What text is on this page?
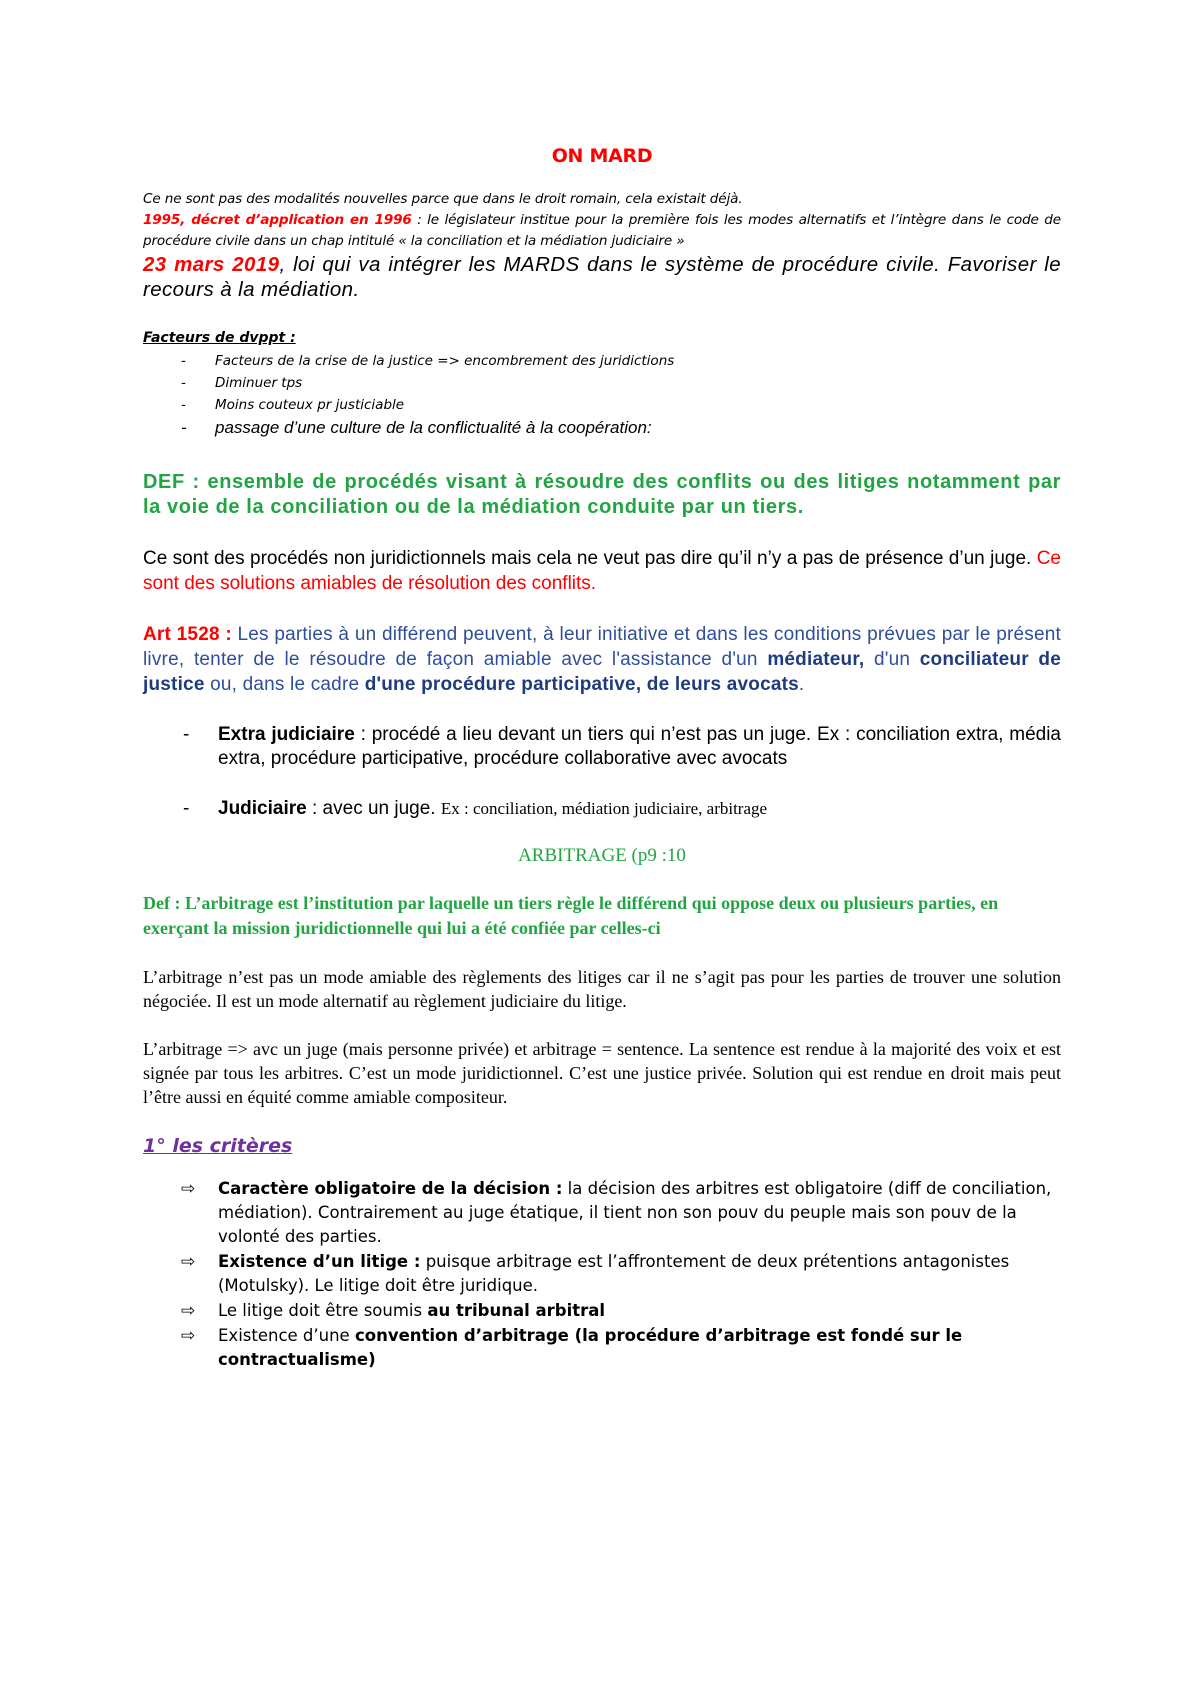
ON MARD

Ce ne sont pas des modalités nouvelles parce que dans le droit romain, cela existait déjà.

1995, décret d’application en 1996 : le législateur institue pour la première fois les modes alternatifs et l’intègre dans le code de procédure civile dans un chap intitulé « la conciliation et la médiation judiciaire »

23 mars 2019, loi qui va intégrer les MARDS dans le système de procédure civile. Favoriser le recours à la médiation.

Facteurs de dvppt :

- Facteurs de la crise de la justice => encombrement des juridictions
- Diminuer tps
- Moins couteux pr justiciable
- passage d’une culture de la conflictualité à la coopération:

DEF : ensemble de procédés visant à résoudre des conflits ou des litiges notamment par la voie de la conciliation ou de la médiation conduite par un tiers.

Ce sont des procédés non juridictionnels mais cela ne veut pas dire qu’il n’y a pas de présence d’un juge. Ce sont des solutions amiables de résolution des conflits.

Art 1528 : Les parties à un différend peuvent, à leur initiative et dans les conditions prévues par le présent livre, tenter de le résoudre de façon amiable avec l'assistance d'un médiateur, d'un conciliateur de justice ou, dans le cadre d'une procédure participative, de leurs avocats.

- Extra judiciaire : procédé a lieu devant un tiers qui n’est pas un juge. Ex : conciliation extra, média extra, procédure participative, procédure collaborative avec avocats
- Judiciaire : avec un juge. Ex : conciliation, médiation judiciaire, arbitrage

ARBITRAGE (p9 :10

Def : L’arbitrage est l’institution par laquelle un tiers règle le différend qui oppose deux ou plusieurs parties, en exerçant la mission juridictionnelle qui lui a été confiée par celles-ci

L’arbitrage n’est pas un mode amiable des règlements des litiges car il ne s’agit pas pour les parties de trouver une solution négociée. Il est un mode alternatif au règlement judiciaire du litige.

L’arbitrage => avc un juge (mais personne privée) et arbitrage = sentence. La sentence est rendue à la majorité des voix et est signée par tous les arbitres. C’est un mode juridictionnel. C’est une justice privée. Solution qui est rendue en droit mais peut l’être aussi en équité comme amiable compositeur.

1° les critères

⇨ Caractère obligatoire de la décision : la décision des arbitres est obligatoire (diff de conciliation, médiation). Contrairement au juge étatique, il tient non son pouv du peuple mais son pouv de la volonté des parties.
⇨ Existence d’un litige : puisque arbitrage est l’affrontement de deux prétentions antagonistes (Motulsky). Le litige doit être juridique.
⇨ Le litige doit être soumis au tribunal arbitral
⇨ Existence d’une convention d’arbitrage (la procédure d’arbitrage est fondé sur le contractualisme)
